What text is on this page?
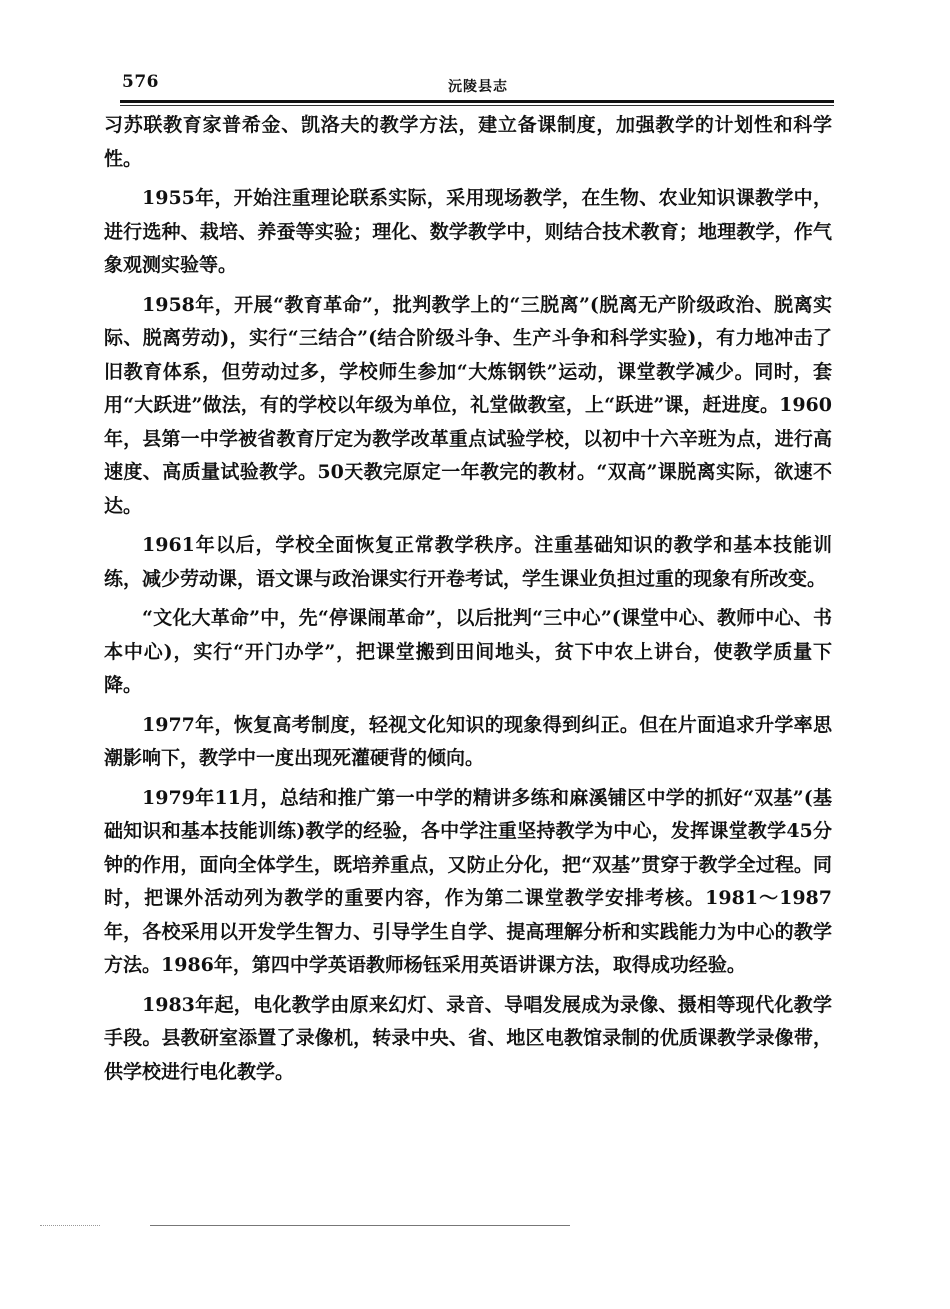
576	沅陵县志

习苏联教育家普希金、凯洛夫的教学方法，建立备课制度，加强教学的计划性和科学性。

1955年，开始注重理论联系实际，采用现场教学，在生物、农业知识课教学中，进行选种、栽培、养蚕等实验；理化、数学教学中，则结合技术教育；地理教学，作气象观测实验等。

1958年，开展“教育革命”，批判教学上的“三脱离”(脱离无产阶级政治、脱离实际、脱离劳动)，实行“三结合”(结合阶级斗争、生产斗争和科学实验)，有力地冲击了旧教育体系，但劳动过多，学校师生参加“大炼钢铁”运动，课堂教学减少。同时，套用“大跃进”做法，有的学校以年级为单位，礼堂做教室，上“跃进”课，赶进度。1960年，县第一中学被省教育厅定为教学改革重点试验学校，以初中十六辛班为点，进行高速度、高质量试验教学。50天教完原定一年教完的教材。“双高”课脱离实际，欲速不达。

1961年以后，学校全面恢复正常教学秩序。注重基础知识的教学和基本技能训练，减少劳动课，语文课与政治课实行开卷考试，学生课业负担过重的现象有所改变。

“文化大革命”中，先“停课闹革命”，以后批判“三中心”(课堂中心、教师中心、书本中心)，实行“开门办学”，把课堂搬到田间地头，贫下中农上讲台，使教学质量下降。

1977年，恢复高考制度，轻视文化知识的现象得到纠正。但在片面追求升学率思潮影响下，教学中一度出现死灌硬背的倾向。

1979年11月，总结和推广第一中学的精讲多练和麻溪铺区中学的抓好“双基”(基础知识和基本技能训练)教学的经验，各中学注重坚持教学为中心，发挥课堂教学45分钟的作用，面向全体学生，既培养重点，又防止分化，把“双基”贯穿于教学全过程。同时，把课外活动列为教学的重要内容，作为第二课堂教学安排考核。1981～1987年，各校采用以开发学生智力、引导学生自学、提高理解分析和实践能力为中心的教学方法。1986年，第四中学英语教师杨钰采用英语讲课方法，取得成功经验。

1983年起，电化教学由原来幻灯、录音、导唱发展成为录像、摄相等现代化教学手段。县教研室添置了录像机，转录中央、省、地区电教馆录制的优质课教学录像带，供学校进行电化教学。
